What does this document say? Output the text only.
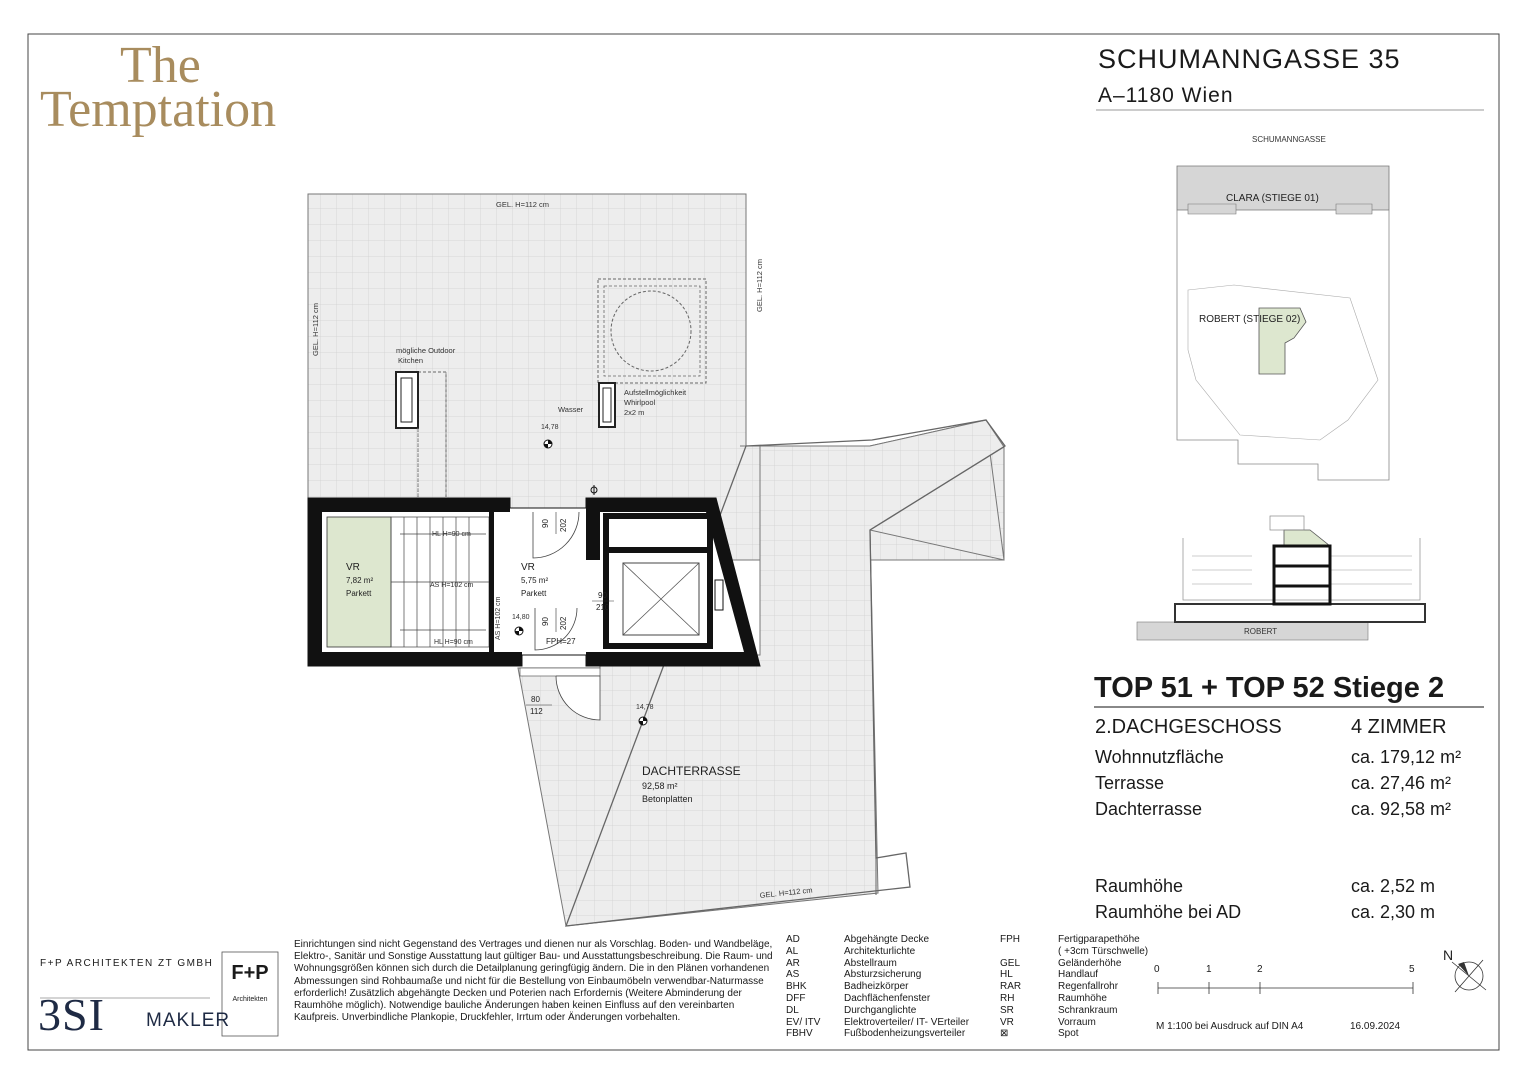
GEL. H=112 cm
GEL. H=112 cm
GEL. H=112 cm
GEL. H=112 cm
mögliche Outdoor
Kitchen
Aufstellmöglichkeit
Whirlpool
2x2 m
Wasser
14,78
14,80
14,78
VR
7,82 m²
Parkett
VR
5,75 m²
Parkett
HL H=90 cm
HL H=90 cm
AS H=102 cm
AS H=102 cm
90 202
90
210
90 202
FPH=27
80
112
DACHTERRASSE
92,58 m²
Betonplatten
SCHUMANNGASSE
CLARA (STIEGE 01)
ROBERT (STIEGE 02)
ROBERT
N
The
Temptation
SCHUMANNGASSE 35
A–1180 Wien
TOP 51 + TOP 52 Stiege 2
2.DACHGESCHOSS	4 ZIMMER
Wohnnutzfläche	ca. 179,12 m²
Terrasse	ca. 27,46 m²
Dachterrasse	ca. 92,58 m²
Raumhöhe	ca. 2,52 m
Raumhöhe bei AD	ca. 2,30 m
F+P ARCHITEKTEN ZT GMBH
3SI MAKLER
F+P
Architekten
Einrichtungen sind nicht Gegenstand des Vertrages und dienen nur als Vorschlag. Boden- und Wandbeläge, Elektro-, Sanitär und Sonstige Ausstattung laut gültiger Bau- und Ausstattungsbeschreibung. Die Raum- und Wohnungsgrößen können sich durch die Detailplanung geringfügig ändern. Die in den Plänen vorhandenen Abmessungen sind Rohbaumaße und nicht für die Bestellung von Einbaumöbeln verwendbar-Naturmasse erforderlich! Zusätzlich abgehängte Decken und Poterien nach Erfordernis (Weitere Abminderung der Raumhöhe möglich). Notwendige bauliche Änderungen haben keinen Einfluss auf den vereinbarten Kaufpreis. Unverbindliche Plankopie, Druckfehler, Irrtum oder Änderungen vorbehalten.
AD	Abgehängte Decke
AL	Architekturlichte
AR	Abstellraum
AS	Absturzsicherung
BHK	Badheizkörper
DFF	Dachflächenfenster
DL	Durchganglichte
EV/ ITV Elektroverteiler/ IT- VErteiler
FBHV	Fußbodenheizungsverteiler
FPH	Fertigparapethöhe
( +3cm Türschwelle)
GEL	Geländerhöhe
HL	Handlauf
RAR	Regenfallrohr
RH	Raumhöhe
SR	Schrankraum
VR	Vorraum
⊠	Spot
0	1	2	5
M 1:100 bei Ausdruck auf DIN A4	16.09.2024
